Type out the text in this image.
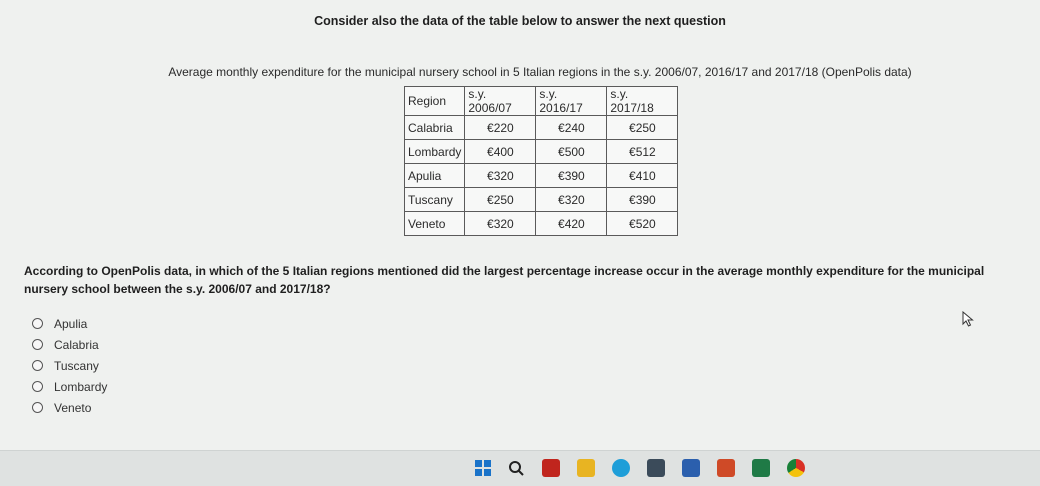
Consider also the data of the table below to answer the next question
Average monthly expenditure for the municipal nursery school in 5 Italian regions in the s.y. 2006/07, 2016/17 and 2017/18 (OpenPolis data)
Region	s.y. 2006/07	s.y. 2016/17	s.y. 2017/18
Calabria	€220	€240	€250
Lombardy	€400	€500	€512
Apulia	€320	€390	€410
Tuscany	€250	€320	€390
Veneto	€320	€420	€520
According to OpenPolis data, in which of the 5 Italian regions mentioned did the largest percentage increase occur in the average monthly expenditure for the municipal nursery school between the s.y. 2006/07 and 2017/18?
Apulia
Calabria
Tuscany
Lombardy
Veneto
